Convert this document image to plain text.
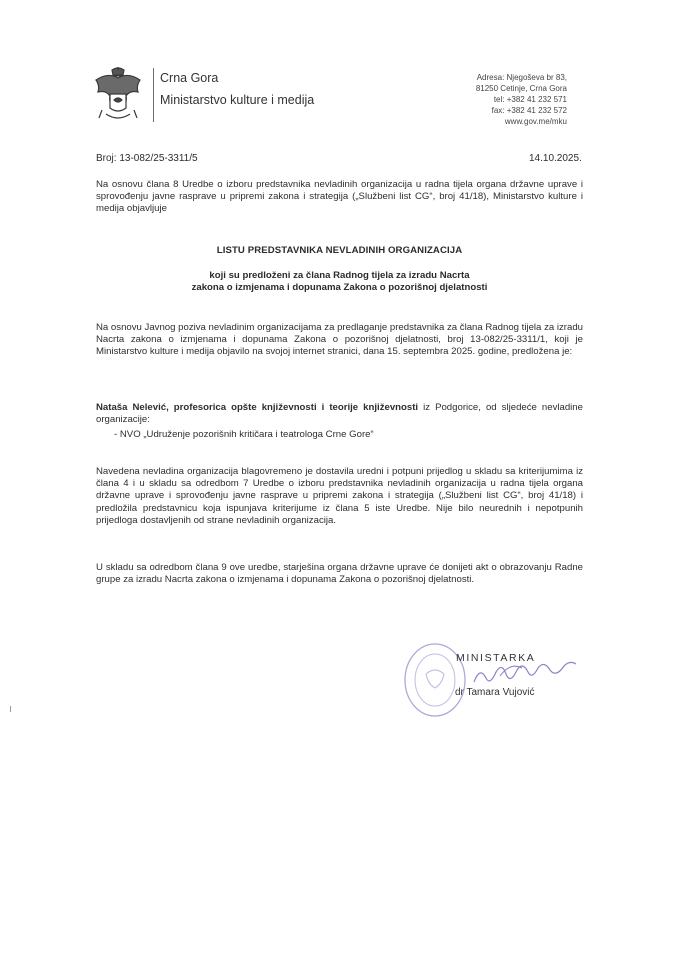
Crna Gora
Ministarstvo kulture i medija
Adresa: Njegoševa br 83,
81250 Cetinje, Crna Gora
tel: +382 41 232 571
fax: +382 41 232 572
www.gov.me/mku
Broj: 13-082/25-3311/5	14.10.2025.
Na osnovu člana 8 Uredbe o izboru predstavnika nevladinih organizacija u radna tijela organa državne uprave i sprovođenju javne rasprave u pripremi zakona i strategija („Službeni list CG“, broj 41/18), Ministarstvo kulture i medija objavljuje
LISTU PREDSTAVNIKA NEVLADINIH ORGANIZACIJA
koji su predloženi za člana Radnog tijela za izradu Nacrta
zakona o izmjenama i dopunama Zakona o pozorišnoj djelatnosti
Na osnovu Javnog poziva nevladinim organizacijama za predlaganje predstavnika za člana Radnog tijela za izradu Nacrta zakona o izmjenama i dopunama Zakona o pozorišnoj djelatnosti, broj 13-082/25-3311/1, koji je Ministarstvo kulture i medija objavilo na svojoj internet stranici, dana 15. septembra 2025. godine, predložena je:
Nataša Nelević, profesorica opšte književnosti i teorije književnosti iz Podgorice, od sljedeće nevladine organizacije:
- NVO „Udruženje pozorišnih kritičara i teatrologa Crne Gore“
Navedena nevladina organizacija blagovremeno je dostavila uredni i potpuni prijedlog u skladu sa kriterijumima iz člana 4 i u skladu sa odredbom 7 Uredbe o izboru predstavnika nevladinih organizacija u radna tijela organa državne uprave i sprovođenju javne rasprave u pripremi zakona i strategija („Službeni list CG“, broj 41/18) i predložila predstavnicu koja ispunjava kriterijume iz člana 5 iste Uredbe. Nije bilo neurednih i nepotpunih prijedloga dostavljenih od strane nevladinih organizacija.
U skladu sa odredbom člana 9 ove uredbe, starješina organa državne uprave će donijeti akt o obrazovanju Radne grupe za izradu Nacrta zakona o izmjenama i dopunama Zakona o pozorišnoj djelatnosti.
MINISTARKA
dr Tamara Vujović
